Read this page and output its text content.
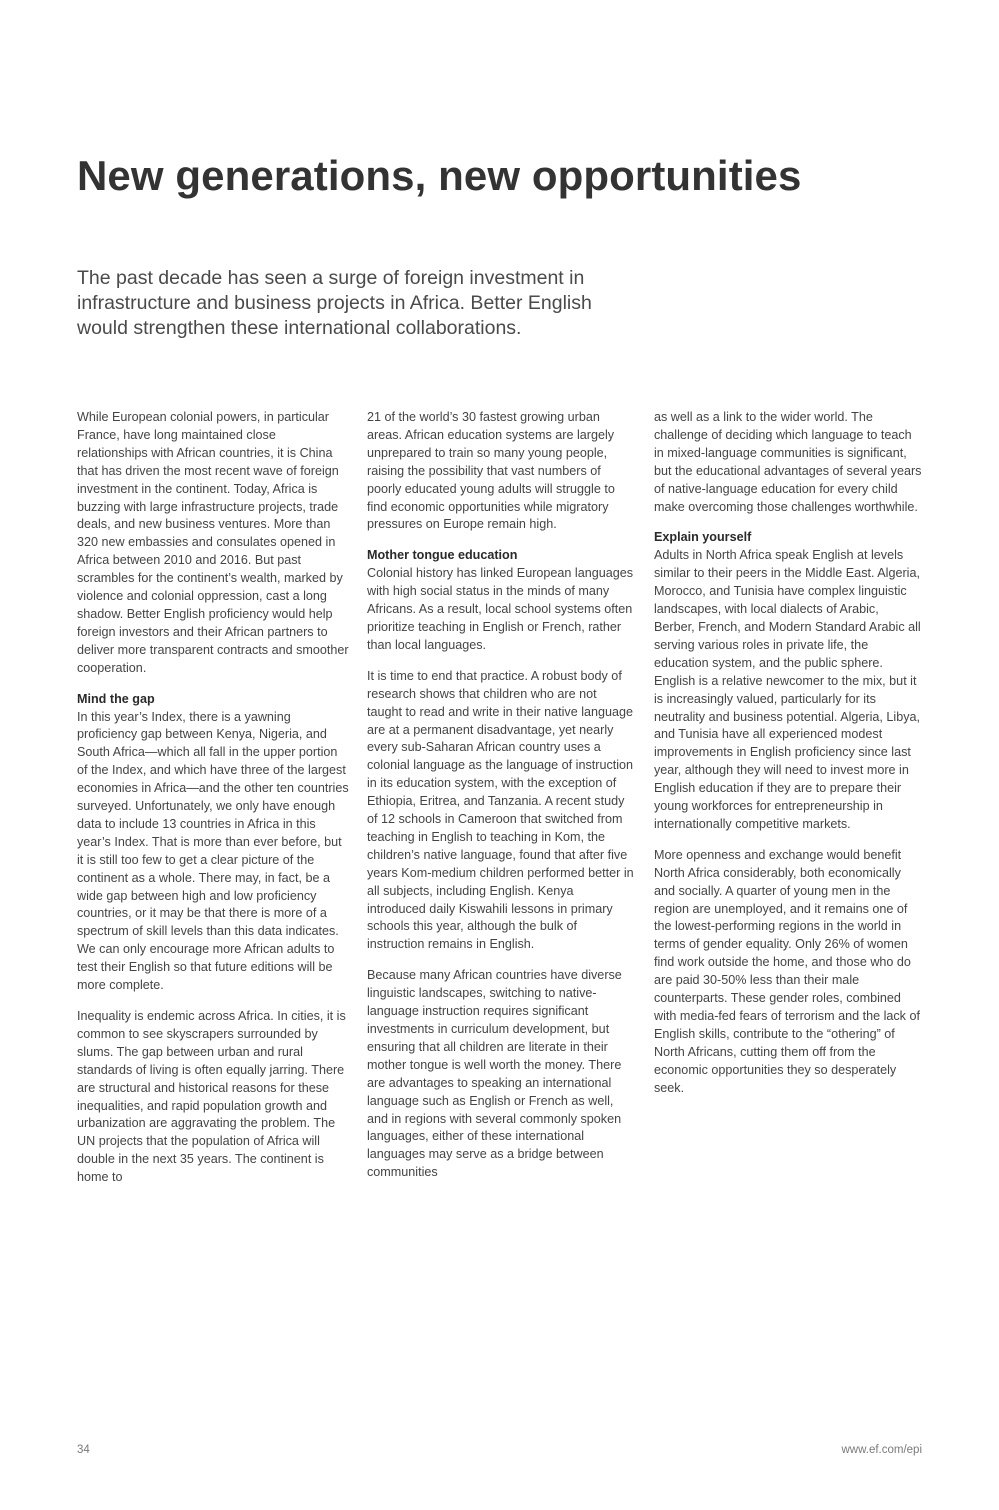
New generations, new opportunities

The past decade has seen a surge of foreign investment in infrastructure and business projects in Africa. Better English would strengthen these international collaborations.

While European colonial powers, in particular France, have long maintained close relationships with African countries, it is China that has driven the most recent wave of foreign investment in the continent. Today, Africa is buzzing with large infrastructure projects, trade deals, and new business ventures. More than 320 new embassies and consulates opened in Africa between 2010 and 2016. But past scrambles for the continent’s wealth, marked by violence and colonial oppression, cast a long shadow. Better English proficiency would help foreign investors and their African partners to deliver more transparent contracts and smoother cooperation.

Mind the gap

In this year’s Index, there is a yawning proficiency gap between Kenya, Nigeria, and South Africa—which all fall in the upper portion of the Index, and which have three of the largest economies in Africa—and the other ten countries surveyed. Unfortunately, we only have enough data to include 13 countries in Africa in this year’s Index. That is more than ever before, but it is still too few to get a clear picture of the continent as a whole. There may, in fact, be a wide gap between high and low proficiency countries, or it may be that there is more of a spectrum of skill levels than this data indicates. We can only encourage more African adults to test their English so that future editions will be more complete.

Inequality is endemic across Africa. In cities, it is common to see skyscrapers surrounded by slums. The gap between urban and rural standards of living is often equally jarring. There are structural and historical reasons for these inequalities, and rapid population growth and urbanization are aggravating the problem. The UN projects that the population of Africa will double in the next 35 years. The continent is home to

21 of the world’s 30 fastest growing urban areas. African education systems are largely unprepared to train so many young people, raising the possibility that vast numbers of poorly educated young adults will struggle to find economic opportunities while migratory pressures on Europe remain high.

Mother tongue education

Colonial history has linked European languages with high social status in the minds of many Africans. As a result, local school systems often prioritize teaching in English or French, rather than local languages.

It is time to end that practice. A robust body of research shows that children who are not taught to read and write in their native language are at a permanent disadvantage, yet nearly every sub-Saharan African country uses a colonial language as the language of instruction in its education system, with the exception of Ethiopia, Eritrea, and Tanzania. A recent study of 12 schools in Cameroon that switched from teaching in English to teaching in Kom, the children’s native language, found that after five years Kom-medium children performed better in all subjects, including English. Kenya introduced daily Kiswahili lessons in primary schools this year, although the bulk of instruction remains in English.

Because many African countries have diverse linguistic landscapes, switching to native-language instruction requires significant investments in curriculum development, but ensuring that all children are literate in their mother tongue is well worth the money. There are advantages to speaking an international language such as English or French as well, and in regions with several commonly spoken languages, either of these international languages may serve as a bridge between communities

as well as a link to the wider world. The challenge of deciding which language to teach in mixed-language communities is significant, but the educational advantages of several years of native-language education for every child make overcoming those challenges worthwhile.

Explain yourself

Adults in North Africa speak English at levels similar to their peers in the Middle East. Algeria, Morocco, and Tunisia have complex linguistic landscapes, with local dialects of Arabic, Berber, French, and Modern Standard Arabic all serving various roles in private life, the education system, and the public sphere. English is a relative newcomer to the mix, but it is increasingly valued, particularly for its neutrality and business potential. Algeria, Libya, and Tunisia have all experienced modest improvements in English proficiency since last year, although they will need to invest more in English education if they are to prepare their young workforces for entrepreneurship in internationally competitive markets.

More openness and exchange would benefit North Africa considerably, both economically and socially. A quarter of young men in the region are unemployed, and it remains one of the lowest-performing regions in the world in terms of gender equality. Only 26% of women find work outside the home, and those who do are paid 30-50% less than their male counterparts. These gender roles, combined with media-fed fears of terrorism and the lack of English skills, contribute to the “othering” of North Africans, cutting them off from the economic opportunities they so desperately seek.

34	www.ef.com/epi
